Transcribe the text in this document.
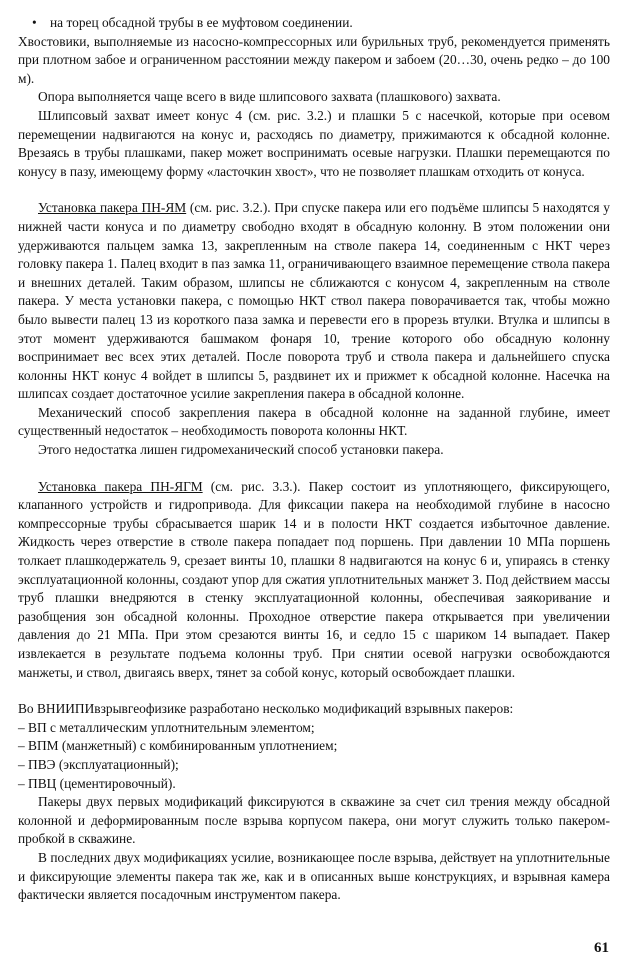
• на торец обсадной трубы в ее муфтовом соединении.

Хвостовики, выполняемые из насосно-компрессорных или бурильных труб, рекомендуется применять при плотном забое и ограниченном расстоянии между пакером и забоем (20…30, очень редко – до 100 м).

Опора выполняется чаще всего в виде шлипсового захвата (плашкового) захвата.

Шлипсовый захват имеет конус 4 (см. рис. 3.2.) и плашки 5 с насечкой, которые при осевом перемещении надвигаются на конус и, расходясь по диаметру, прижимаются к обсадной колонне. Врезаясь в трубы плашками, пакер может воспринимать осевые нагрузки. Плашки перемещаются по конусу в пазу, имеющему форму «ласточкин хвост», что не позволяет плашкам отходить от конуса.

Установка пакера ПН-ЯМ (см. рис. 3.2.). При спуске пакера или его подъёме шлипсы 5 находятся у нижней части конуса и по диаметру свободно входят в обсадную колонну. В этом положении они удерживаются пальцем замка 13, закрепленным на стволе пакера 14, соединенным с НКТ через головку пакера 1. Палец входит в паз замка 11, ограничивающего взаимное перемещение ствола пакера и внешних деталей. Таким образом, шлипсы не сближаются с конусом 4, закрепленным на стволе пакера. У места установки пакера, с помощью НКТ ствол пакера поворачивается так, чтобы можно было вывести палец 13 из короткого паза замка и перевести его в прорезь втулки. Втулка и шлипсы в этот момент удерживаются башмаком фонаря 10, трение которого обо обсадную колонну воспринимает вес всех этих деталей. После поворота труб и ствола пакера и дальнейшего спуска колонны НКТ конус 4 войдет в шлипсы 5, раздвинет их и прижмет к обсадной колонне. Насечка на шлипсах создает достаточное усилие закрепления пакера в обсадной колонне.

Механический способ закрепления пакера в обсадной колонне на заданной глубине, имеет существенный недостаток – необходимость поворота колонны НКТ.

Этого недостатка лишен гидромеханический способ установки пакера.

Установка пакера ПН-ЯГМ (см. рис. 3.3.). Пакер состоит из уплотняющего, фиксирующего, клапанного устройств и гидропривода. Для фиксации пакера на необходимой глубине в насосно компрессорные трубы сбрасывается шарик 14 и в полости НКТ создается избыточное давление. Жидкость через отверстие в стволе пакера попадает под поршень. При давлении 10 МПа поршень толкает плашкодержатель 9, срезает винты 10, плашки 8 надвигаются на конус 6 и, упираясь в стенку эксплуатационной колонны, создают упор для сжатия уплотнительных манжет 3. Под действием массы труб плашки внедряются в стенку эксплуатационной колонны, обеспечивая заякоривание и разобщения зон обсадной колонны. Проходное отверстие пакера открывается при увеличении давления до 21 МПа. При этом срезаются винты 16, и седло 15 с шариком 14 выпадает. Пакер извлекается в результате подъема колонны труб. При снятии осевой нагрузки освобождаются манжеты, и ствол, двигаясь вверх, тянет за собой конус, который освобождает плашки.

Во ВНИИПИвзрывгеофизике разработано несколько модификаций взрывных пакеров:

– ВП с металлическим уплотнительным элементом;
– ВПМ (манжетный) с комбинированным уплотнением;
– ПВЭ (эксплуатационный);
– ПВЦ (цементировочный).

Пакеры двух первых модификаций фиксируются в скважине за счет сил трения между обсадной колонной и деформированным после взрыва корпусом пакера, они могут служить только пакером-пробкой в скважине.

В последних двух модификациях усилие, возникающее после взрыва, действует на уплотнительные и фиксирующие элементы пакера так же, как и в описанных выше конструкциях, и взрывная камера фактически является посадочным инструментом пакера.

61
